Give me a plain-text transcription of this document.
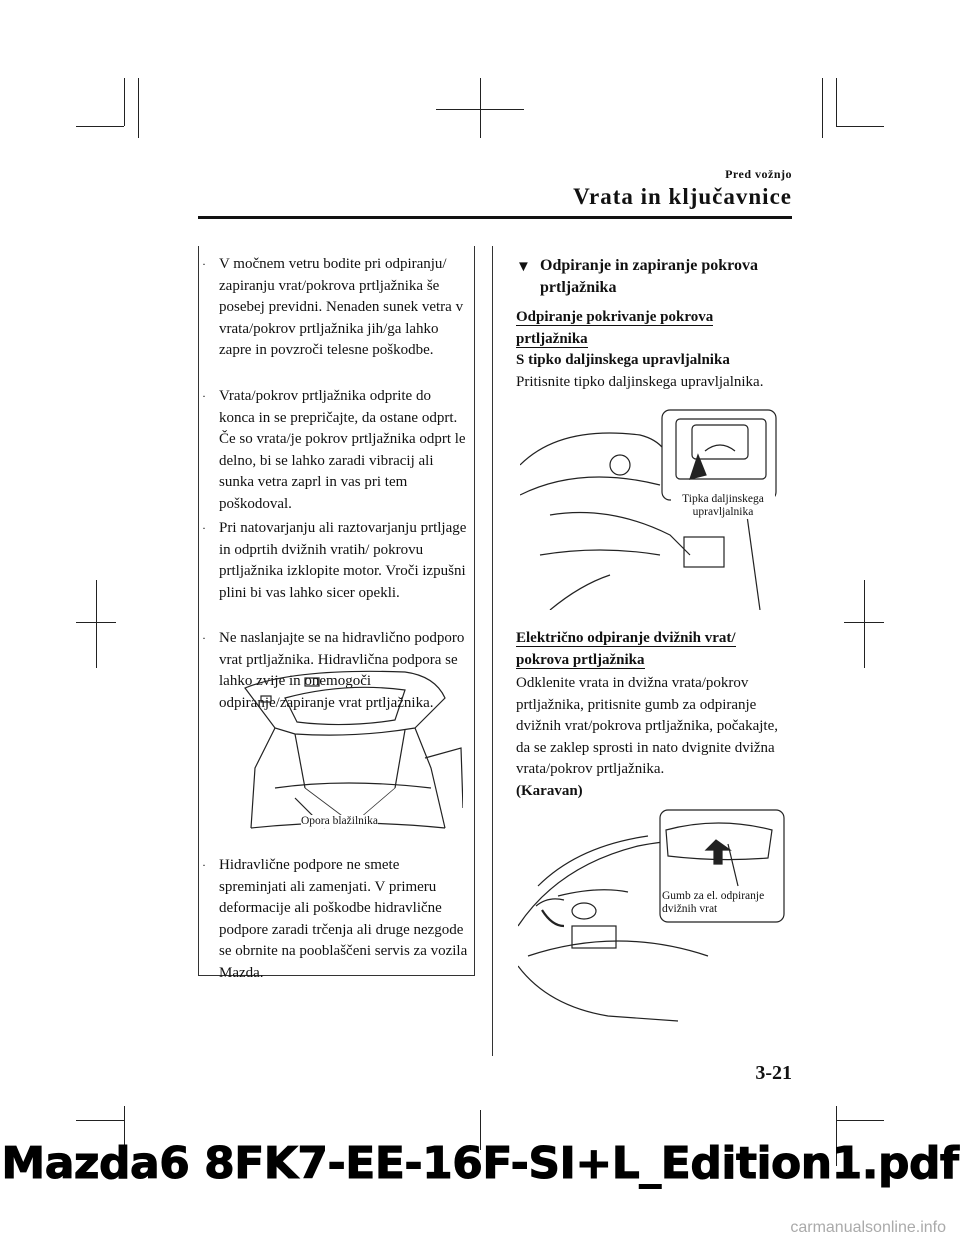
Pred vožnjo
Vrata in ključavnice
· V močnem vetru bodite pri odpiranju/ zapiranju vrat/pokrova prtljažnika še posebej previdni. Nenaden sunek vetra v vrata/pokrov prtljažnika jih/ga lahko zapre in povzroči telesne poškodbe.
· Vrata/pokrov prtljažnika odprite do konca in se prepričajte, da ostane odprt. Če so vrata/je pokrov prtljažnika odprt le delno, bi se lahko zaradi vibracij ali sunka vetra zaprl in vas pri tem poškodoval.
· Pri natovarjanju ali raztovarjanju prtljage in odprtih dvižnih vratih/ pokrovu prtljažnika izklopite motor. Vroči izpušni plini bi vas lahko sicer opekli.
· Ne naslanjajte se na hidravlično podporo vrat prtljažnika. Hidravlična podpora se lahko zvije in onemogoči odpiranje/zapiranje vrat prtljažnika.
Opora blažilnika
· Hidravlične podpore ne smete spreminjati ali zamenjati. V primeru deformacije ali poškodbe hidravlične podpore zaradi trčenja ali druge nezgode se obrnite na pooblaščeni servis za vozila Mazda.
▼ Odpiranje in zapiranje pokrova prtljažnika
Odpiranje pokrivanje pokrova prtljažnika
S tipko daljinskega upravljalnika
Pritisnite tipko daljinskega upravljalnika.
Tipka daljinskega
upravljalnika
Električno odpiranje dvižnih vrat/ pokrova prtljažnika
Odklenite vrata in dvižna vrata/pokrov prtljažnika, pritisnite gumb za odpiranje dvižnih vrat/pokrova prtljažnika, počakajte, da se zaklep sprosti in nato dvignite dvižna vrata/pokrov prtljažnika.
(Karavan)
Gumb za el. odpiranje
dvižnih vrat
3-21
Mazda6 8FK7-EE-16F-SI+L_Edition1.pdf
carmanualsonline.info
